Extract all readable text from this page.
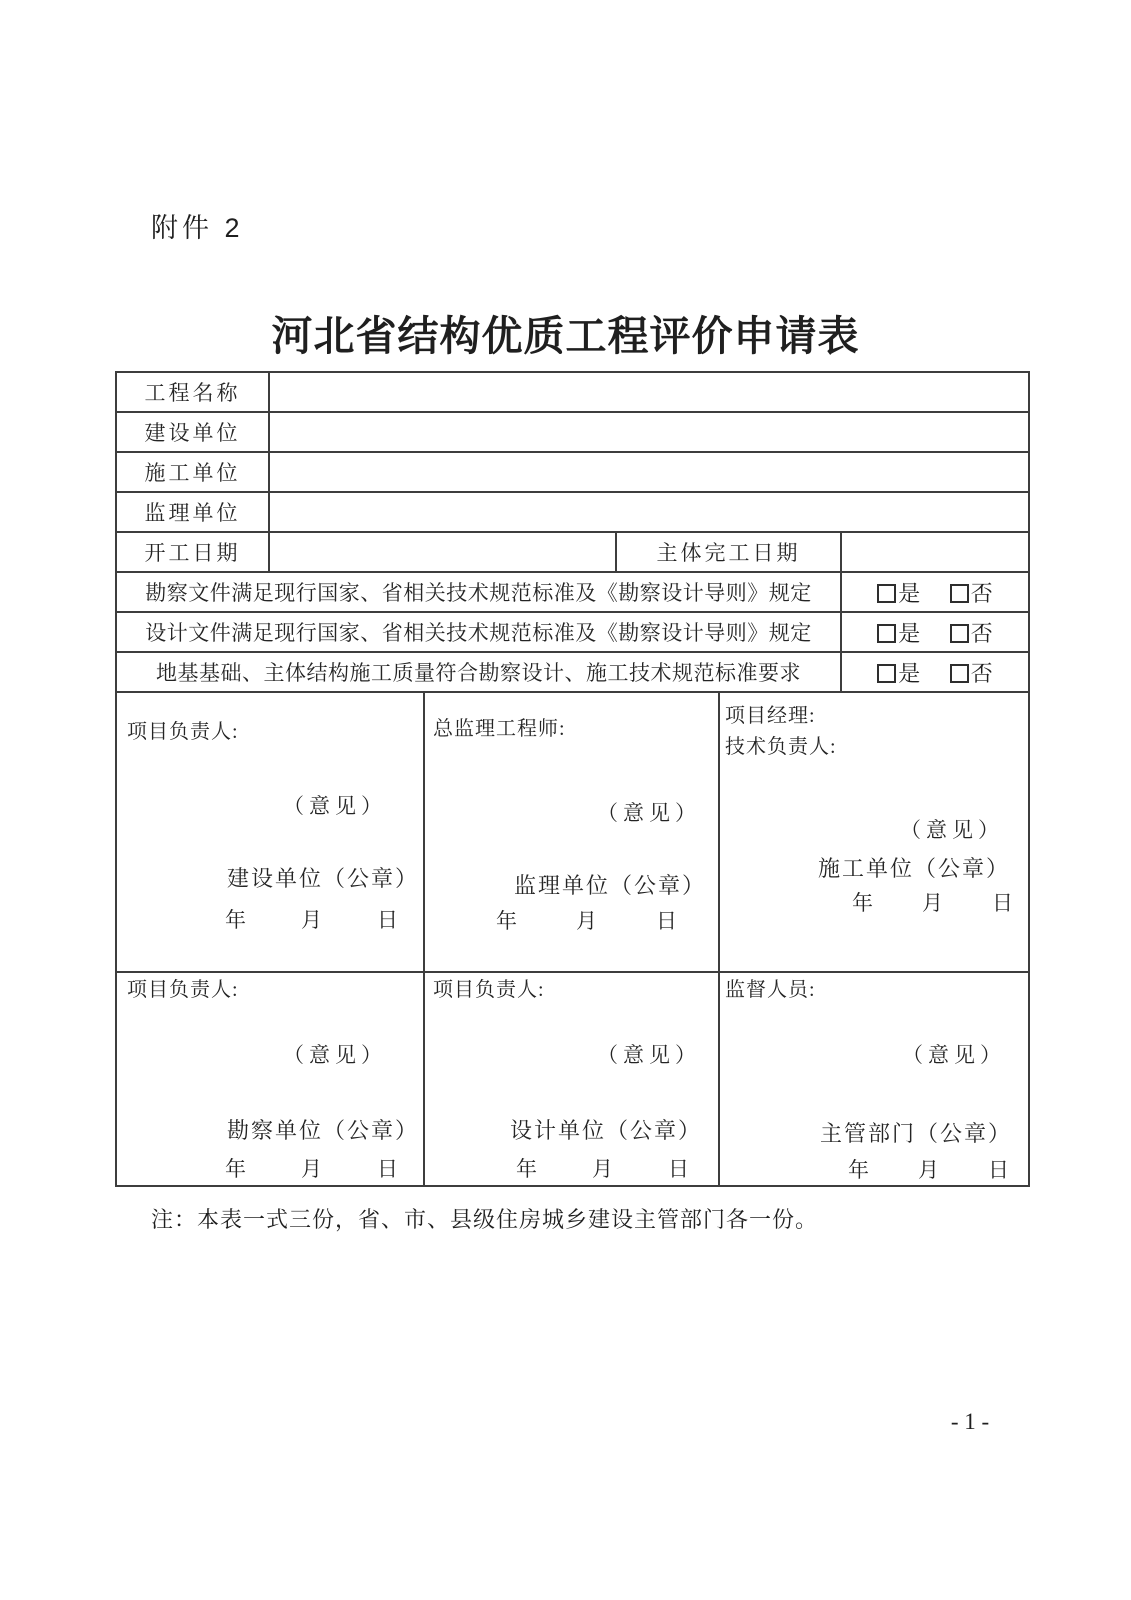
附件 2
河北省结构优质工程评价申请表
工程名称					
建设单位					
施工单位					
监理单位					
开工日期			主体完工日期		
勘察文件满足现行国家、省相关技术规范标准及《勘察设计导则》规定					是 否
设计文件满足现行国家、省相关技术规范标准及《勘察设计导则》规定					是 否
地基基础、主体结构施工质量符合勘察设计、施工技术规范标准要求					是 否

项目负责人:
（意见）
建设单位（公章）
年	月	日

总监理工程师:
（意见）
监理单位（公章）
年	月	日

项目经理:
技术负责人:
（意见）
施工单位（公章）
年 月 日

项目负责人:
（意见）
勘察单位（公章）
年	月	日

项目负责人:
（意见）
设计单位（公章）
年	月	日

监督人员:
（意见）
主管部门（公章）
年 月 日
注：本表一式三份，省、市、县级住房城乡建设主管部门各一份。
- 1 -
